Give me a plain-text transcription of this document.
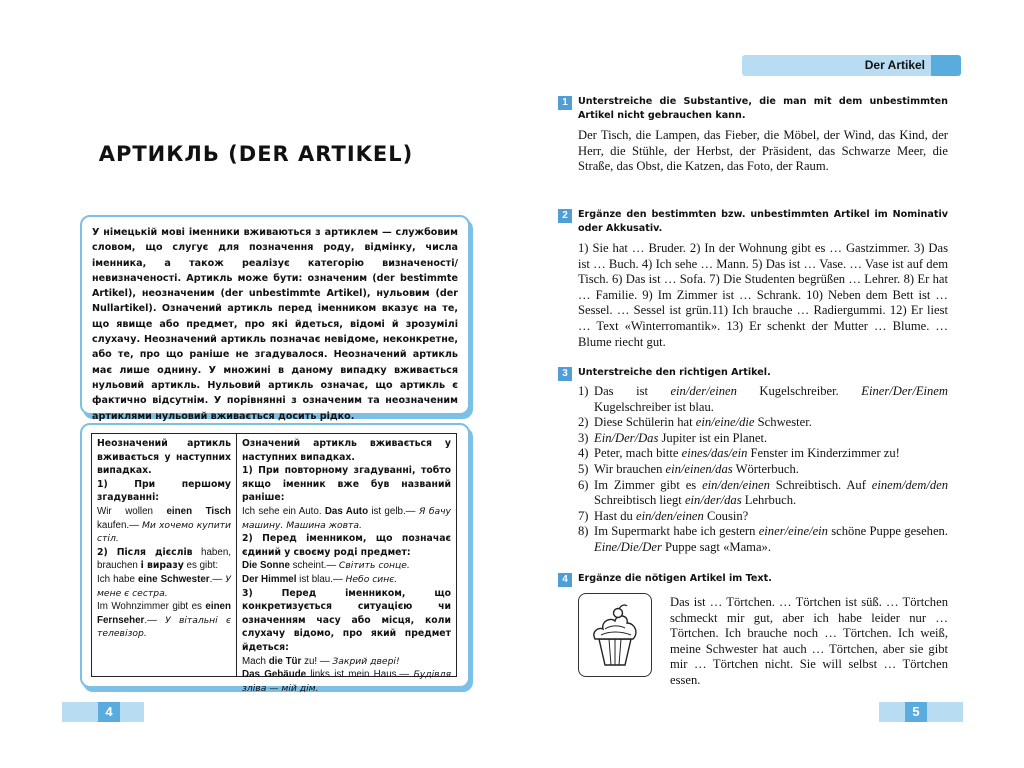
АРТИКЛЬ (DER ARTIKEL)
У німецькій мові іменники вживаються з артиклем — службовим словом, що слугує для позначення роду, відмінку, числа іменника, а також реалізує категорію визначеності/невизначеності. Артикль може бути: означеним (der bestimmte Artikel), неозначеним (der unbestimmte Artikel), нульовим (der Nullartikel). Означений артикль перед іменником вказує на те, що явище або предмет, про які йдеться, відомі й зрозумілі слухачу. Неозначений артикль позначає невідоме, неконкретне, або те, про що раніше не згадувалося. Неозначений артикль має лише однину. У множині в даному випадку вживається нульовий артикль. Нульовий артикль означає, що артикль є фактично відсутнім. У порівнянні з означеним та неозначеним артиклями нульовий вживається досить рідко.
Неозначений артикль вживається у наступних випадках.
1) При першому згадуванні:
Wir wollen einen Tisch kaufen.— Ми хочемо купити стіл.
2) Після дієслів haben, brauchen і виразу es gibt:
Ich habe eine Schwester.— У мене є сестра.
Im Wohnzimmer gibt es einen Fernseher.— У вітальні є телевізор.
Означений артикль вживається у наступних випадках.
1) При повторному згадуванні, тобто якщо іменник вже був названий раніше:
Ich sehe ein Auto. Das Auto ist gelb.— Я бачу машину. Машина жовта.
2) Перед іменником, що позначає єдиний у своєму роді предмет:
Die Sonne scheint.— Світить сонце.
Der Himmel ist blau.— Небо синє.
3) Перед іменником, що конкретизується ситуацією чи означенням часу або місця, коли слухачу відомо, про який предмет йдеться:
Mach die Tür zu! — Закрий двері!
Das Gebäude links ist mein Haus.— Будівля зліва — мій дім.
4
Der Artikel
1	Unterstreiche die Substantive, die man mit dem unbestimmten Artikel nicht gebrauchen kann.
Der Tisch, die Lampen, das Fieber, die Möbel, der Wind, das Kind, der Herr, die Stühle, der Herbst, der Präsident, das Schwarze Meer, die Straße, das Obst, die Katzen, das Foto, der Raum.
2	Ergänze den bestimmten bzw. unbestimmten Artikel im Nominativ oder Akkusativ.
1) Sie hat … Bruder. 2) In der Wohnung gibt es … Gastzimmer. 3) Das ist … Buch. 4) Ich sehe … Mann. 5) Das ist … Vase. … Vase ist auf dem Tisch. 6) Das ist … Sofa. 7) Die Studenten begrüßen … Lehrer. 8) Er hat … Familie. 9) Im Zimmer ist … Schrank. 10) Neben dem Bett ist … Sessel. … Sessel ist grün.11) Ich brauche … Radiergummi. 12) Er liest … Text «Winterromantik». 13) Er schenkt der Mutter … Blume. … Blume riecht gut.
3	Unterstreiche den richtigen Artikel.
1) Das ist ein/der/einen Kugelschreiber. Einer/Der/Einem Kugelschreiber ist blau.
2) Diese Schülerin hat ein/eine/die Schwester.
3) Ein/Der/Das Jupiter ist ein Planet.
4) Peter, mach bitte eines/das/ein Fenster im Kinderzimmer zu!
5) Wir brauchen ein/einen/das Wörterbuch.
6) Im Zimmer gibt es ein/den/einen Schreibtisch. Auf einem/dem/den Schreibtisch liegt ein/der/das Lehrbuch.
7) Hast du ein/den/einen Cousin?
8) Im Supermarkt habe ich gestern einer/eine/ein schöne Puppe gesehen. Eine/Die/Der Puppe sagt «Mama».
4	Ergänze die nötigen Artikel im Text.
Das ist … Törtchen. … Törtchen ist süß. … Törtchen schmeckt mir gut, aber ich habe leider nur … Törtchen. Ich brauche noch … Törtchen. Ich weiß, meine Schwester hat auch … Törtchen, aber sie gibt mir … Törtchen nicht. Sie will selbst … Törtchen essen.
5
